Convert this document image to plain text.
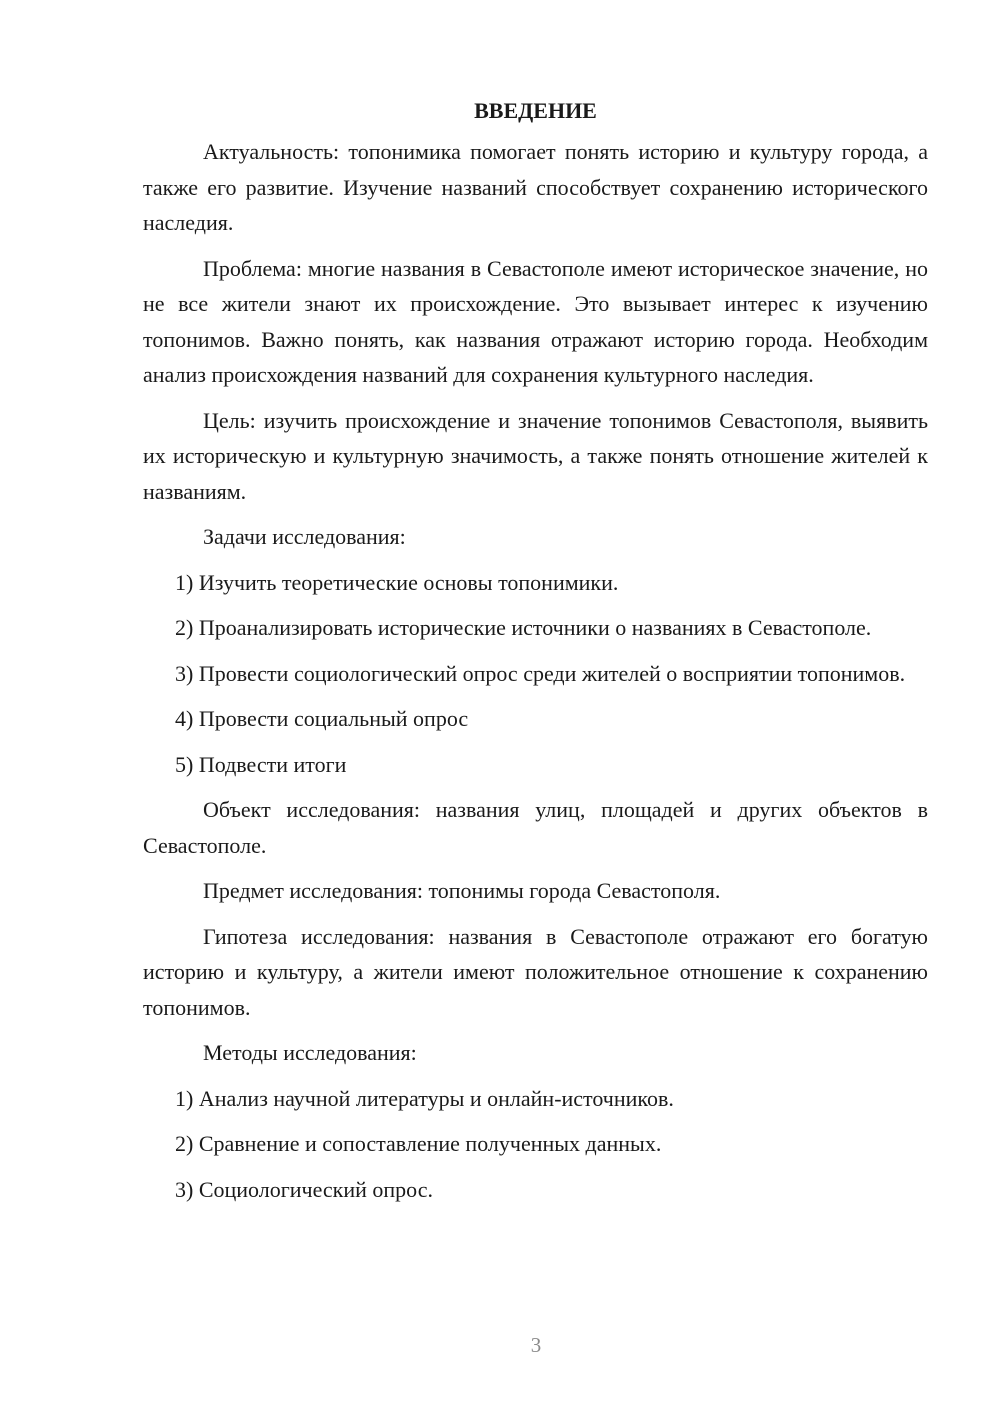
ВВЕДЕНИЕ

Актуальность: топонимика помогает понять историю и культуру города, а также его развитие. Изучение названий способствует сохранению исторического наследия.

Проблема: многие названия в Севастополе имеют историческое значение, но не все жители знают их происхождение. Это вызывает интерес к изучению топонимов. Важно понять, как названия отражают историю города. Необходим анализ происхождения названий для сохранения культурного наследия.

Цель: изучить происхождение и значение топонимов Севастополя, выявить их историческую и культурную значимость, а также понять отношение жителей к названиям.

Задачи исследования:

1) Изучить теоретические основы топонимики.

2) Проанализировать исторические источники о названиях в Севастополе.

3) Провести социологический опрос среди жителей о восприятии топонимов.

4) Провести социальный опрос

5) Подвести итоги

Объект исследования: названия улиц, площадей и других объектов в Севастополе.

Предмет исследования: топонимы города Севастополя.

Гипотеза исследования: названия в Севастополе отражают его богатую историю и культуру, а жители имеют положительное отношение к сохранению топонимов.

Методы исследования:

1) Анализ научной литературы и онлайн-источников.

2) Сравнение и сопоставление полученных данных.

3) Социологический опрос.

3
